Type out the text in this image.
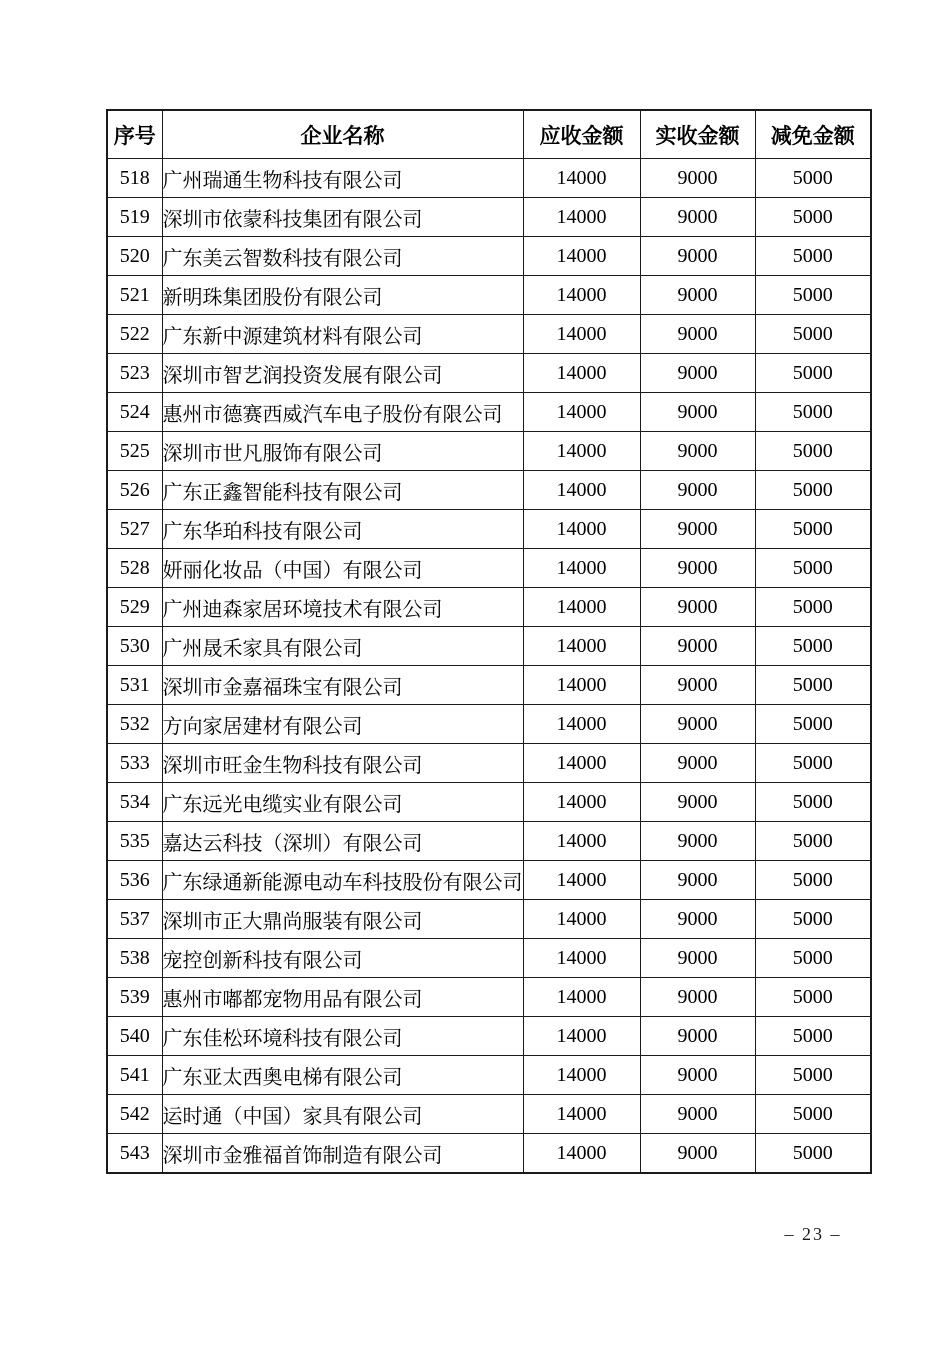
序号	企业名称	应收金额	实收金额	减免金额
518	广州瑞通生物科技有限公司	14000	9000	5000
519	深圳市依蒙科技集团有限公司	14000	9000	5000
520	广东美云智数科技有限公司	14000	9000	5000
521	新明珠集团股份有限公司	14000	9000	5000
522	广东新中源建筑材料有限公司	14000	9000	5000
523	深圳市智艺润投资发展有限公司	14000	9000	5000
524	惠州市德赛西威汽车电子股份有限公司	14000	9000	5000
525	深圳市世凡服饰有限公司	14000	9000	5000
526	广东正鑫智能科技有限公司	14000	9000	5000
527	广东华珀科技有限公司	14000	9000	5000
528	妍丽化妆品（中国）有限公司	14000	9000	5000
529	广州迪森家居环境技术有限公司	14000	9000	5000
530	广州晟禾家具有限公司	14000	9000	5000
531	深圳市金嘉福珠宝有限公司	14000	9000	5000
532	方向家居建材有限公司	14000	9000	5000
533	深圳市旺金生物科技有限公司	14000	9000	5000
534	广东远光电缆实业有限公司	14000	9000	5000
535	嘉达云科技（深圳）有限公司	14000	9000	5000
536	广东绿通新能源电动车科技股份有限公司	14000	9000	5000
537	深圳市正大鼎尚服装有限公司	14000	9000	5000
538	宠控创新科技有限公司	14000	9000	5000
539	惠州市嘟都宠物用品有限公司	14000	9000	5000
540	广东佳松环境科技有限公司	14000	9000	5000
541	广东亚太西奥电梯有限公司	14000	9000	5000
542	运时通（中国）家具有限公司	14000	9000	5000
543	深圳市金雅福首饰制造有限公司	14000	9000	5000
– 23 –
